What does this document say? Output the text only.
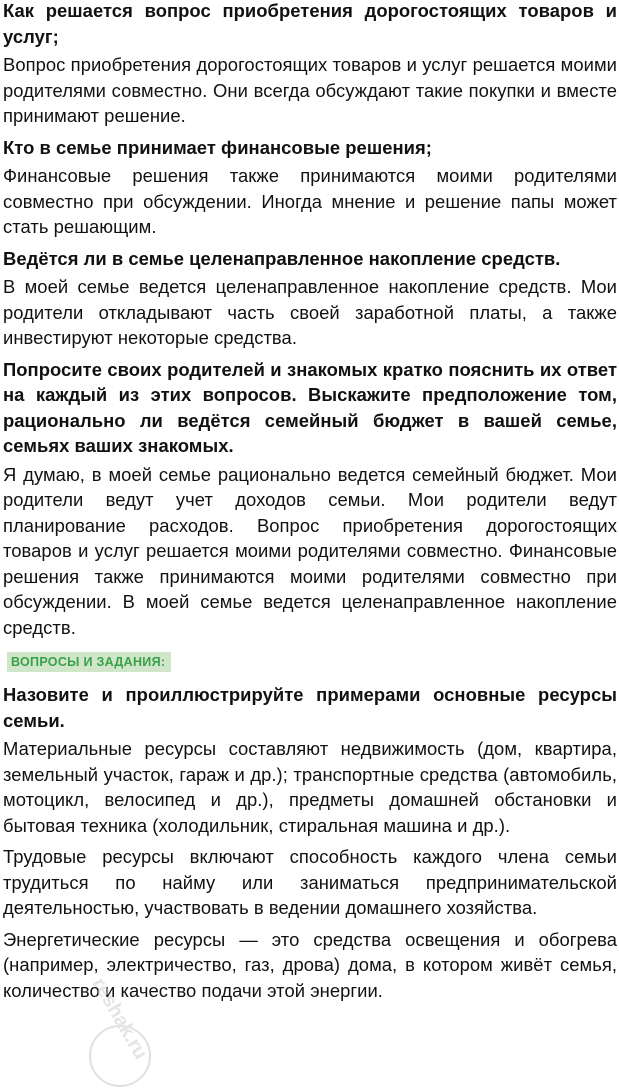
Как решается вопрос приобретения дорогостоящих товаров и услуг;

Вопрос приобретения дорогостоящих товаров и услуг решается моими родителями совместно. Они всегда обсуждают такие покупки и вместе принимают решение.

Кто в семье принимает финансовые решения;

Финансовые решения также принимаются моими родителями совместно при обсуждении. Иногда мнение и решение папы может стать решающим.

Ведётся ли в семье целенаправленное накопление средств.

В моей семье ведется целенаправленное накопление средств. Мои родители откладывают часть своей заработной платы, а также инвестируют некоторые средства.

Попросите своих родителей и знакомых кратко пояснить их ответ на каждый из этих вопросов. Выскажите предположение том, рационально ли ведётся семейный бюджет в вашей семье, семьях ваших знакомых.

Я думаю, в моей семье рационально ведется семейный бюджет. Мои родители ведут учет доходов семьи. Мои родители ведут планирование расходов. Вопрос приобретения дорогостоящих товаров и услуг решается моими родителями совместно. Финансовые решения также принимаются моими родителями совместно при обсуждении. В моей семье ведется целенаправленное накопление средств.

ВОПРОСЫ И ЗАДАНИЯ:

Назовите и проиллюстрируйте примерами основные ресурсы семьи.

Материальные ресурсы составляют недвижимость (дом, квартира, земельный участок, гараж и др.); транспортные средства (автомобиль, мотоцикл, велосипед и др.), предметы домашней обстановки и бытовая техника (холодильник, стиральная машина и др.).

Трудовые ресурсы включают способность каждого члена семьи трудиться по найму или заниматься предпринимательской деятельностью, участвовать в ведении домашнего хозяйства.

Энергетические ресурсы — это средства освещения и обогрева (например, электричество, газ, дрова) дома, в котором живёт семья, количество и качество подачи этой энергии.

reshak.ru
